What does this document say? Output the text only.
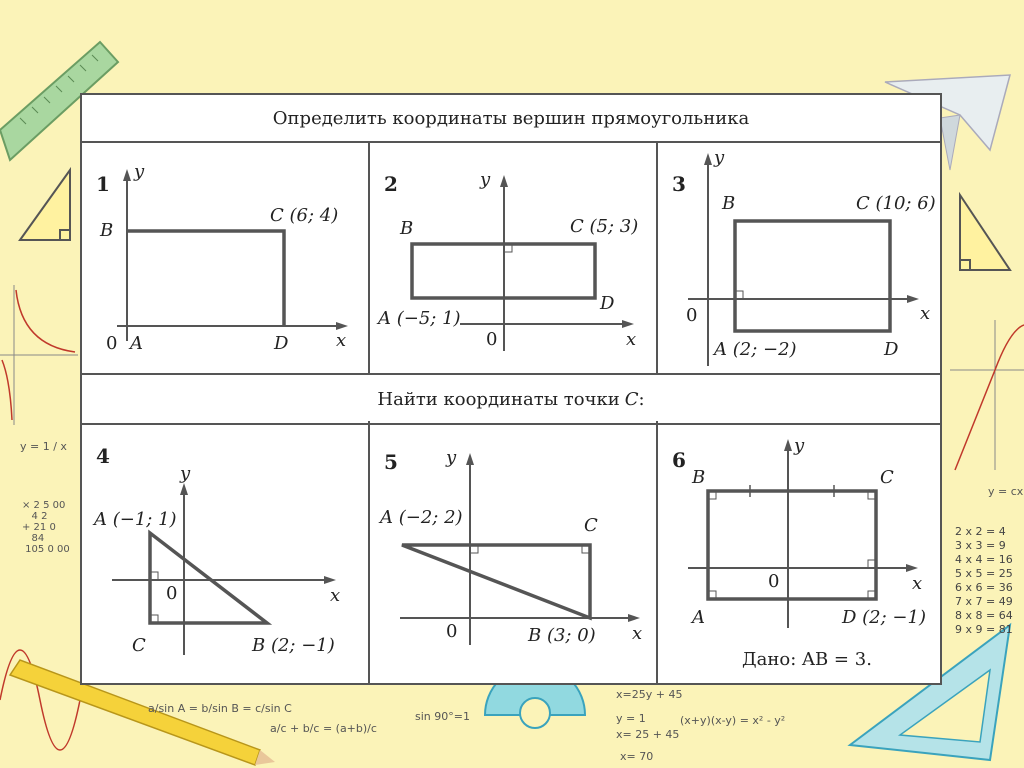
y = 1 / x
× 2 5 00
4 2
+ 21 0
84
105 0 00
y = cx
a/sin A = b/sin B = c/sin C
a/c + b/c = (a+b)/c
sin 90°=1
x=25y + 45
y = 1
x= 25 + 45
x= 70
(x+y)(x-y) = x² - y²
2 x 2 = 4
3 x 3 = 9
4 x 4 = 16
5 x 5 = 25
6 x 6 = 36
7 x 7 = 49
8 x 8 = 64
9 x 9 = 81
Определить координаты вершин прямоугольника
Найти координаты точки C :
1
y
x
B
C (6; 4)
0 A	D
2	y
x
B	C (5; 3)
A (−5; 1)
0
D
3
y
x
B	C (10; 6)
0
A (2; −2)	D
4
y
x
A (−1; 1)
0
C	B (2; −1)
5	y
x
A (−2; 2)	C
0	B (3; 0)
6
y
x
B	C
0
A	D (2; −1)
Дано: AB = 3.
